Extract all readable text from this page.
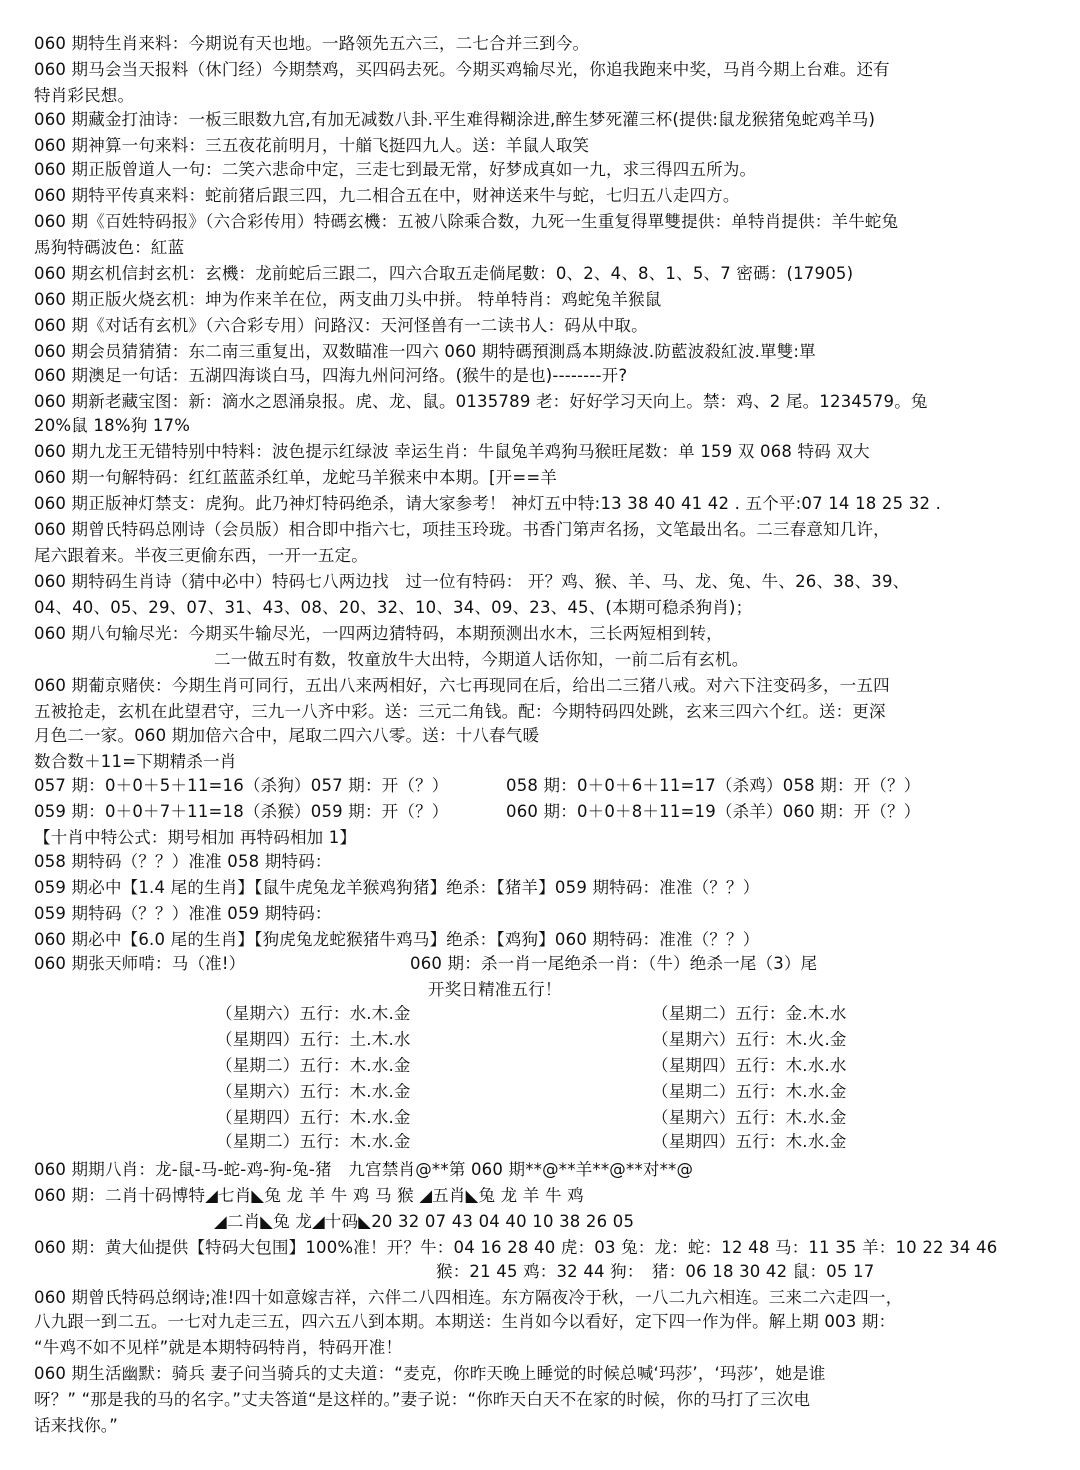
060 期特生肖来料：今期说有天也地。一路领先五六三，二七合并三到今。
060 期马会当天报料（休门经）今期禁鸡，买四码去死。今期买鸡输尽光，你追我跑来中奖，马肖今期上台难。还有
特肖彩民想。
060 期藏金打油诗：一板三眼数九宫,有加无减数八卦.平生难得糊涂进,醉生梦死灌三杯(提供:鼠龙猴猪兔蛇鸡羊马)
060 期神算一句来料：三五夜花前明月，十艏飞挺四九人。送：羊鼠人取笑
060 期正版曾道人一句：二笑六悲命中定，三走七到最无常，好梦成真如一九，求三得四五所为。
060 期特平传真来料：蛇前猪后跟三四，九二相合五在中，财神送来牛与蛇，七归五八走四方。
060 期《百姓特码报》（六合彩传用）特碼玄機：五被八除乘合数，九死一生重复得單雙提供：单特肖提供：羊牛蛇兔
馬狗特碼波色：紅蓝
060 期玄机信封玄机：玄機：龙前蛇后三跟二，四六合取五走倘尾數：0、2、4、8、1、5、7 密碼：(17905)
060 期正版火烧玄机：坤为作来羊在位，两支曲刀头中拼。 特单特肖：鸡蛇兔羊猴鼠
060 期《对话有玄机》（六合彩专用）问路汉：天河怪兽有一二读书人：码从中取。
060 期会员猜猜猜：东二南三重复出，双数瞄准一四六 060 期特碼預測爲本期綠波.防藍波殺紅波.單雙:單
060 期澳足一句话：五湖四海谈白马，四海九州问河络。(猴牛的是也)--------开?
060 期新老藏宝图：新：滴水之恩涌泉报。虎、龙、鼠。0135789 老：好好学习天向上。禁：鸡、2 尾。1234579。兔
20%鼠 18%狗 17%
060 期九龙王无错特别中特料：波色提示红绿波 幸运生肖：牛鼠兔羊鸡狗马猴旺尾数：单 159 双 068 特码 双大
060 期一句解特码：红红蓝蓝杀红单，龙蛇马羊猴来中本期。[开==羊
060 期正版神灯禁支：虎狗。此乃神灯特码绝杀，请大家参考！ 神灯五中特:13 38 40 41 42 . 五个平:07 14 18 25 32 .
060 期曾氏特码总刚诗（会员版）相合即中指六七，项挂玉玲珑。书香门第声名扬，文笔最出名。二三春意知几许，
尾六跟着来。半夜三更偷东西，一开一五定。
060 期特码生肖诗（猜中必中）特码七八两边找　过一位有特码： 开？鸡、猴、羊、马、龙、兔、牛、26、38、39、
04、40、05、29、07、31、43、08、20、32、10、34、09、23、45、(本期可稳杀狗肖)；
060 期八句输尽光：今期买牛输尽光，一四两边猜特码，本期预测出水木，三长两短相到转，
二一做五时有数，牧童放牛大出特，今期道人话你知，一前二后有玄机。
060 期葡京赌侠：今期生肖可同行，五出八来两相好，六七再现同在后，给出二三猪八戒。对六下注变码多，一五四
五被抢走，玄机在此望君守，三九一八齐中彩。送：三元二角钱。配：今期特码四处跳，玄来三四六个红。送：更深
月色二一家。060 期加倍六合中，尾取二四六八零。送：十八春气暖
数合数＋11=下期精杀一肖
057 期：0＋0＋5＋11=16（杀狗）057 期：开（？）	058 期：0＋0＋6＋11=17（杀鸡）058 期：开（？）
059 期：0＋0＋7＋11=18（杀猴）059 期：开（？）	060 期：0＋0＋8＋11=19（杀羊）060 期：开（？）
【十肖中特公式：期号相加 再特码相加 1】
058 期特码（？？）准准 058 期特码：
059 期必中【1.4 尾的生肖】【鼠牛虎兔龙羊猴鸡狗猪】绝杀：【猪羊】059 期特码：准准（？？）
059 期特码（？？）准准 059 期特码：
060 期必中【6.0 尾的生肖】【狗虎兔龙蛇猴猪牛鸡马】绝杀：【鸡狗】060 期特码：准准（？？）
060 期张天师啃：马（准!）	060 期：杀一肖一尾绝杀一肖：（牛）绝杀一尾（3）尾
开奖日精准五行！
（星期六）五行：水.木.金	（星期二）五行：金.木.水
（星期四）五行：土.木.水	（星期六）五行：木.火.金
（星期二）五行：木.水.金	（星期四）五行：木.水.水
（星期六）五行：木.水.金	（星期二）五行：木.水.金
（星期四）五行：木.水.金	（星期六）五行：木.水.金
（星期二）五行：木.水.金	（星期四）五行：木.水.金
060 期期八肖：龙-鼠-马-蛇-鸡-狗-兔-猪　九宫禁肖@**第 060 期**@**羊**@**对**@
060 期：二肖十码博特◢七肖◣兔 龙 羊 牛 鸡 马 猴 ◢五肖◣兔 龙 羊 牛 鸡
◢二肖◣兔 龙◢十码◣20 32 07 43 04 40 10 38 26 05
060 期：黄大仙提供【特码大包围】100%准！开？牛：04 16 28 40 虎：03 兔：龙：蛇：12 48 马：11 35 羊：10 22 34 46
猴：21 45 鸡：32 44 狗：　猪：06 18 30 42 鼠：05 17
060 期曾氏特码总纲诗;准!四十如意嫁吉祥，六伴二八四相连。东方隔夜冷于秋，一八二九六相连。三来二六走四一，
八九跟一到二五。一七对九走三五，四六五八到本期。本期送：生肖如今以看好，定下四一作为伴。解上期 003 期：
“牛鸡不如不见样”就是本期特码特肖，特码开准！
060 期生活幽默：骑兵 妻子问当骑兵的丈夫道：“麦克，你昨天晚上睡觉的时候总喊‘玛莎’，‘玛莎’，她是谁
呀？” “那是我的马的名字。”丈夫答道“是这样的。”妻子说：“你昨天白天不在家的时候，你的马打了三次电
话来找你。”
